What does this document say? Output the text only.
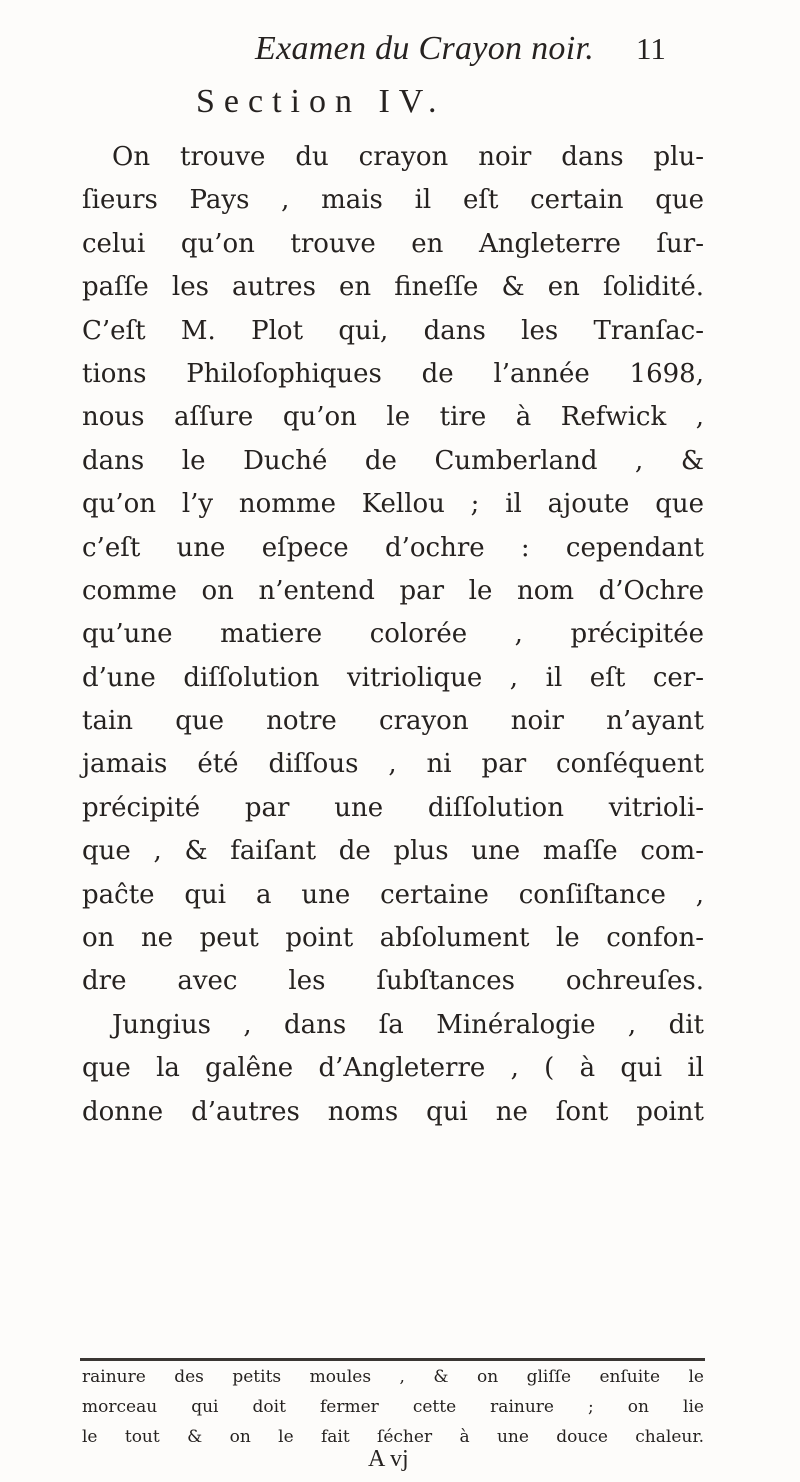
Examen du Crayon noir. 11
Section IV.
On trouve du crayon noir dans plu-
ſieurs Pays , mais il eſt certain que
celui qu’on trouve en Angleterre ſur-
paſſe les autres en fineſſe & en ſolidité.
C’eſt M. Plot qui, dans les Tranſac-
tions Philoſophiques de l’année 1698,
nous aſſure qu’on le tire à Refwick ,
dans le Duché de Cumberland , &
qu’on l’y nomme Kellou ; il ajoute que
c’eſt une eſpece d’ochre : cependant
comme on n’entend par le nom d’Ochre
qu’une matiere colorée , précipitée
d’une diſſolution vitriolique , il eſt cer-
tain que notre crayon noir n’ayant
jamais été diſſous , ni par conſéquent
précipité par une diſſolution vitrioli-
que , & faiſant de plus une maſſe com-
paĉte qui a une certaine conſiſtance ,
on ne peut point abſolument le confon-
dre avec les ſubſtances ochreuſes.
Jungius , dans ſa Minéralogie , dit
que la galêne d’Angleterre , ( à qui il
donne d’autres noms qui ne ſont point
rainure des petits moules , & on gliſſe enſuite le
morceau qui doit fermer cette rainure ; on lie
le tout & on le fait ſécher à une douce chaleur.
A vj
